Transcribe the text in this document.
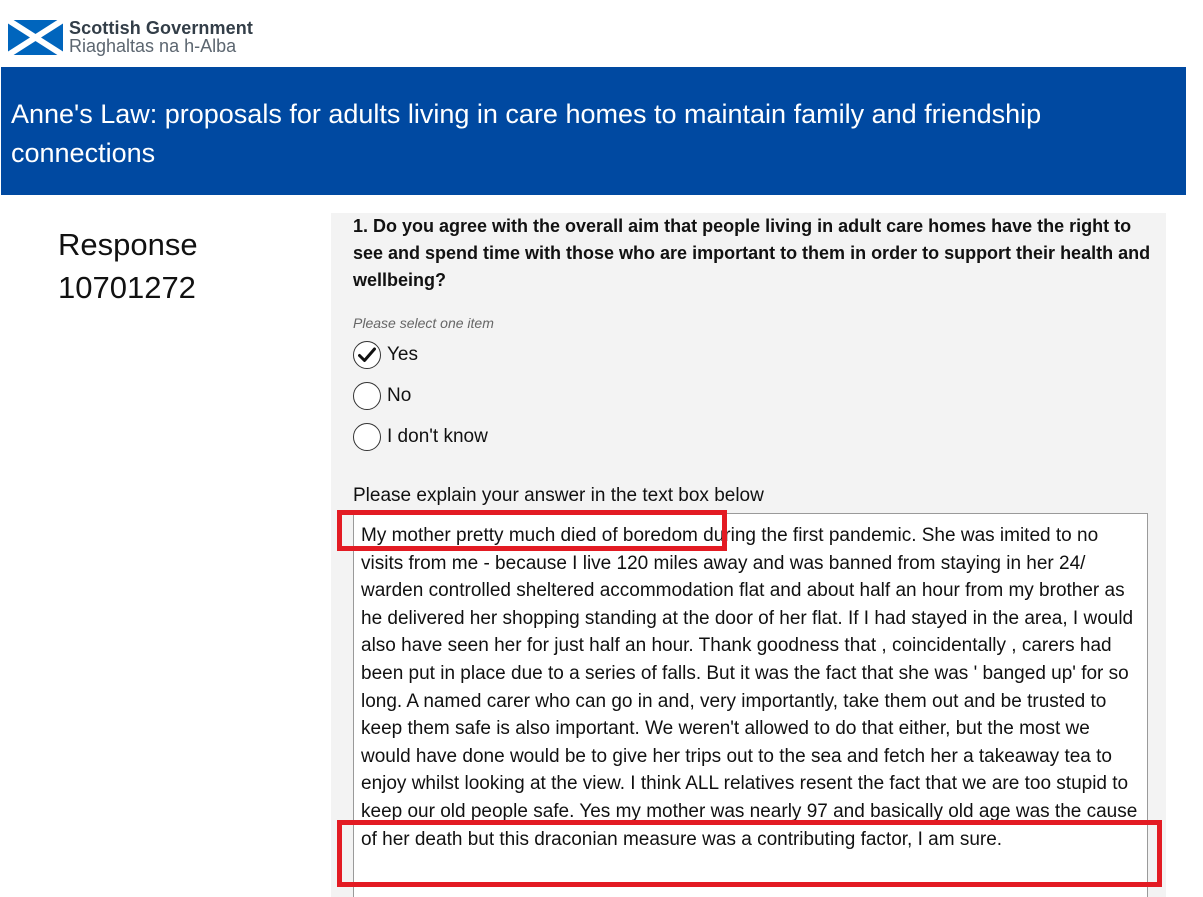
Scottish Government
Riaghaltas na h-Alba
Anne's Law: proposals for adults living in care homes to maintain family and friendship connections
Response
10701272
1. Do you agree with the overall aim that people living in adult care homes have the right to see and spend time with those who are important to them in order to support their health and wellbeing?
Please select one item
Yes
No
I don't know
Please explain your answer in the text box below
My mother pretty much died of boredom during the first pandemic. She was imited to no visits from me - because I live 120 miles away and was banned from staying in her 24/ warden controlled sheltered accommodation flat and about half an hour from my brother as he delivered her shopping standing at the door of her flat. If I had stayed in the area, I would also have seen her for just half an hour. Thank goodness that , coincidentally , carers had been put in place due to a series of falls. But it was the fact that she was ' banged up' for so long. A named carer who can go in and, very importantly, take them out and be trusted to keep them safe is also important. We weren't allowed to do that either, but the most we would have done would be to give her trips out to the sea and fetch her a takeaway tea to enjoy whilst looking at the view. I think ALL relatives resent the fact that we are too stupid to keep our old people safe. Yes my mother was nearly 97 and basically old age was the cause of her death but this draconian measure was a contributing factor, I am sure.
